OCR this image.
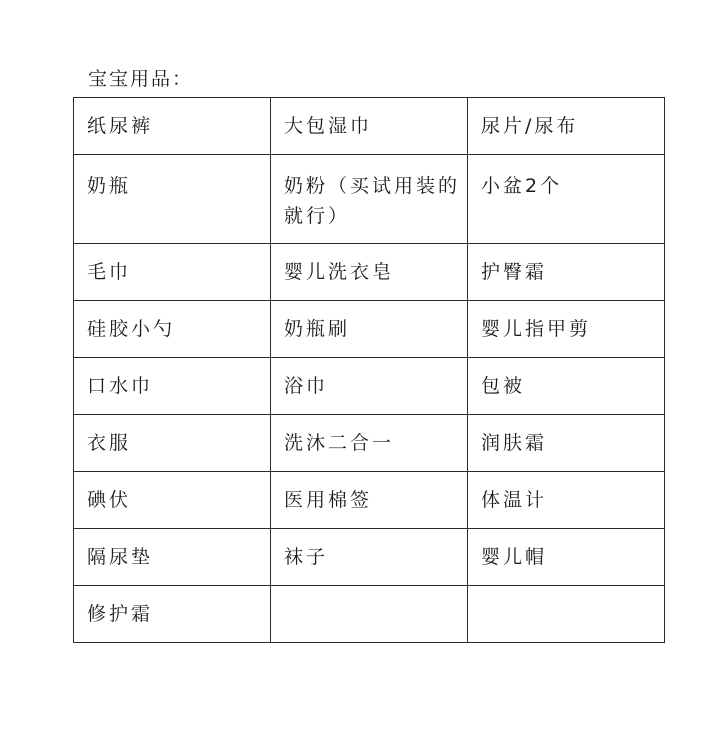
宝宝用品：
纸尿裤	大包湿巾	尿片/尿布
奶瓶	奶粉（买试用装的就行）	小盆2个
毛巾	婴儿洗衣皂	护臀霜
硅胶小勺	奶瓶刷	婴儿指甲剪
口水巾	浴巾	包被
衣服	洗沐二合一	润肤霜
碘伏	医用棉签	体温计
隔尿垫	袜子	婴儿帽
修护霜		
